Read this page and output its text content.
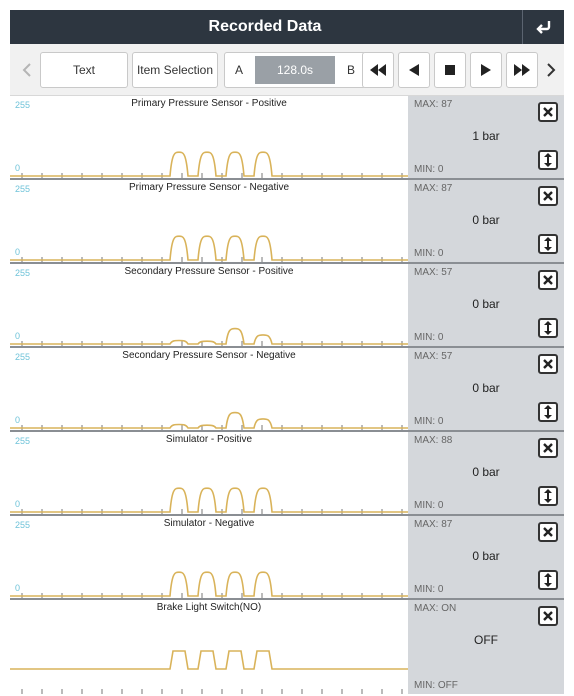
Recorded Data
Text	Item Selection	A	128.0s	B
Primary Pressure Sensor - Positive
255
0
MAX: 87
1 bar
MIN: 0
Primary Pressure Sensor - Negative
255
0
MAX: 87
0 bar
MIN: 0
Secondary Pressure Sensor - Positive
255
0
MAX: 57
0 bar
MIN: 0
Secondary Pressure Sensor - Negative
255
0
MAX: 57
0 bar
MIN: 0
Simulator - Positive
255
0
MAX: 88
0 bar
MIN: 0
Simulator - Negative
255
0
MAX: 87
0 bar
MIN: 0
Brake Light Switch(NO)	MAX: ON
OFF
MIN: OFF
